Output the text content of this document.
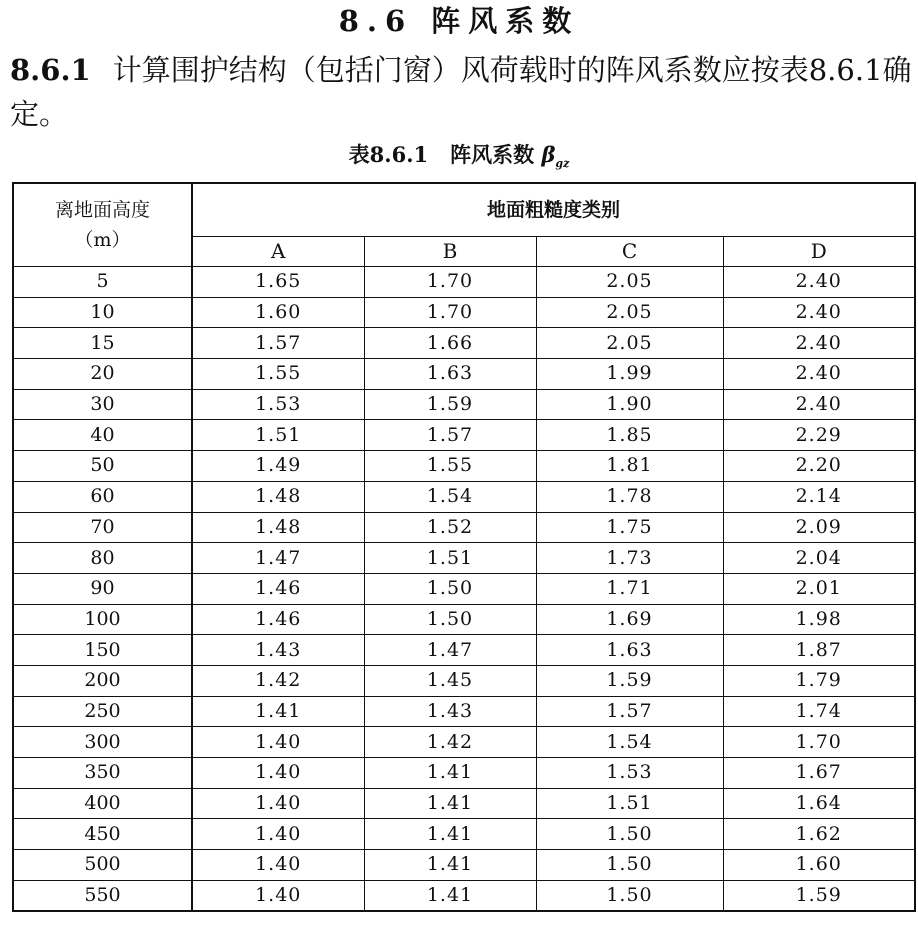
8.6 阵风系数
8.6.1 计算围护结构（包括门窗）风荷载时的阵风系数应按表8.6.1确定。
表8.6.1 阵风系数 $\beta_{gz}$
离地面高度
（m）	地面粗糙度类别			
	A	B	C	D
5	1.65	1.70	2.05	2.40
10	1.60	1.70	2.05	2.40
15	1.57	1.66	2.05	2.40
20	1.55	1.63	1.99	2.40
30	1.53	1.59	1.90	2.40
40	1.51	1.57	1.85	2.29
50	1.49	1.55	1.81	2.20
60	1.48	1.54	1.78	2.14
70	1.48	1.52	1.75	2.09
80	1.47	1.51	1.73	2.04
90	1.46	1.50	1.71	2.01
100	1.46	1.50	1.69	1.98
150	1.43	1.47	1.63	1.87
200	1.42	1.45	1.59	1.79
250	1.41	1.43	1.57	1.74
300	1.40	1.42	1.54	1.70
350	1.40	1.41	1.53	1.67
400	1.40	1.41	1.51	1.64
450	1.40	1.41	1.50	1.62
500	1.40	1.41	1.50	1.60
550	1.40	1.41	1.50	1.59
